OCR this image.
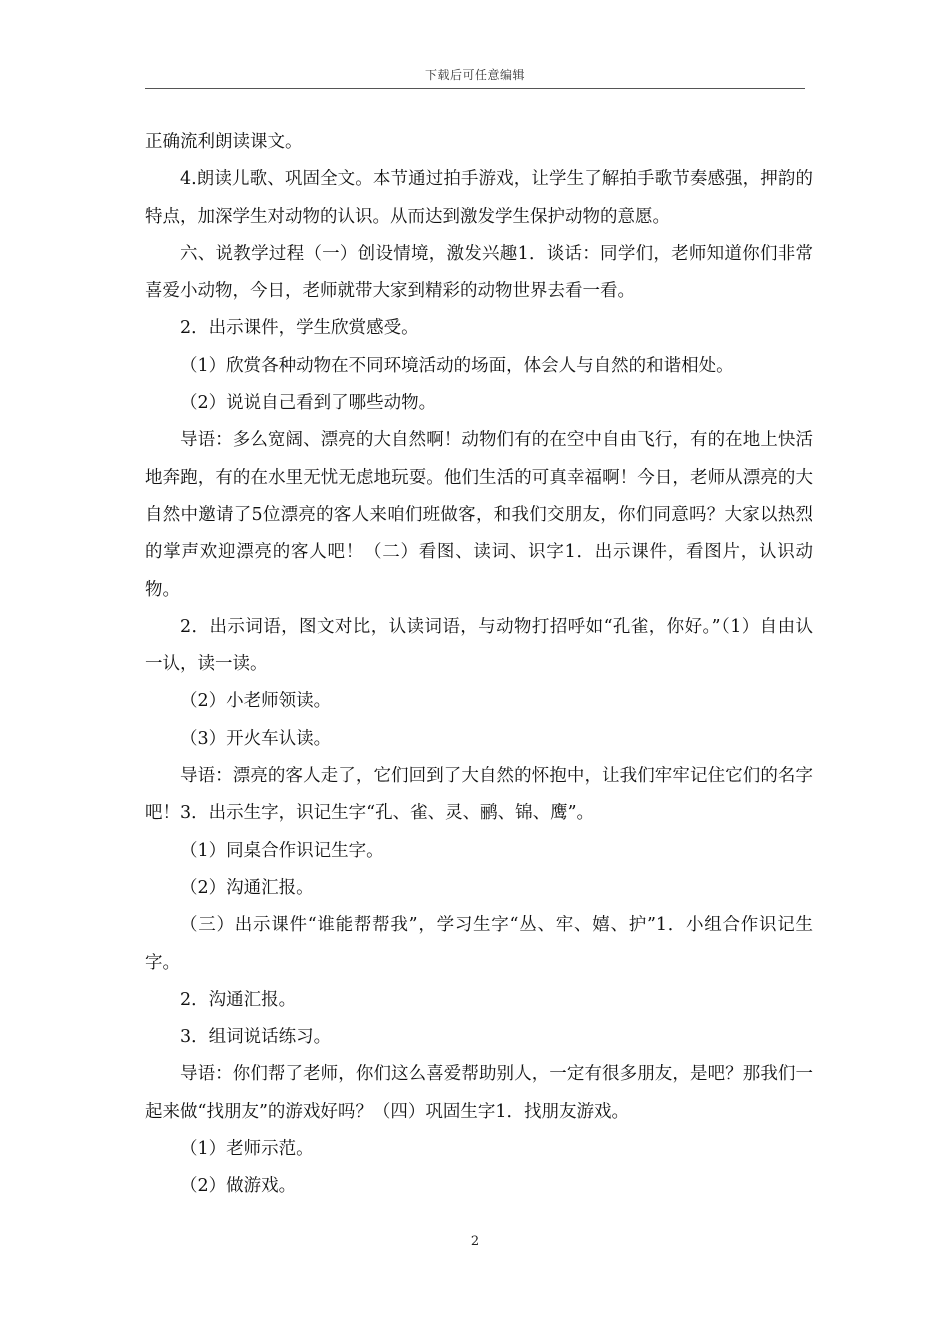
下载后可任意编辑

正确流利朗读课文。

4.朗读儿歌、巩固全文。本节通过拍手游戏，让学生了解拍手歌节奏感强，押韵的特点，加深学生对动物的认识。从而达到激发学生保护动物的意愿。

六、说教学过程（一）创设情境，激发兴趣1．谈话：同学们，老师知道你们非常喜爱小动物，今日，老师就带大家到精彩的动物世界去看一看。

2．出示课件，学生欣赏感受。

（1）欣赏各种动物在不同环境活动的场面，体会人与自然的和谐相处。

（2）说说自己看到了哪些动物。

导语：多么宽阔、漂亮的大自然啊！动物们有的在空中自由飞行，有的在地上快活地奔跑，有的在水里无忧无虑地玩耍。他们生活的可真幸福啊！今日，老师从漂亮的大自然中邀请了5位漂亮的客人来咱们班做客，和我们交朋友，你们同意吗？大家以热烈的掌声欢迎漂亮的客人吧！（二）看图、读词、识字1．出示课件，看图片，认识动物。

2．出示词语，图文对比，认读词语，与动物打招呼如“孔雀，你好。”（1）自由认一认，读一读。

（2）小老师领读。

（3）开火车认读。

导语：漂亮的客人走了，它们回到了大自然的怀抱中，让我们牢牢记住它们的名字吧！3．出示生字，识记生字“孔、雀、灵、鹂、锦、鹰”。

（1）同桌合作识记生字。

（2）沟通汇报。

（三）出示课件“谁能帮帮我”，学习生字“丛、牢、嬉、护”1．小组合作识记生字。

2．沟通汇报。

3．组词说话练习。

导语：你们帮了老师，你们这么喜爱帮助别人，一定有很多朋友，是吧？那我们一起来做“找朋友”的游戏好吗？（四）巩固生字1．找朋友游戏。

（1）老师示范。

（2）做游戏。

2
